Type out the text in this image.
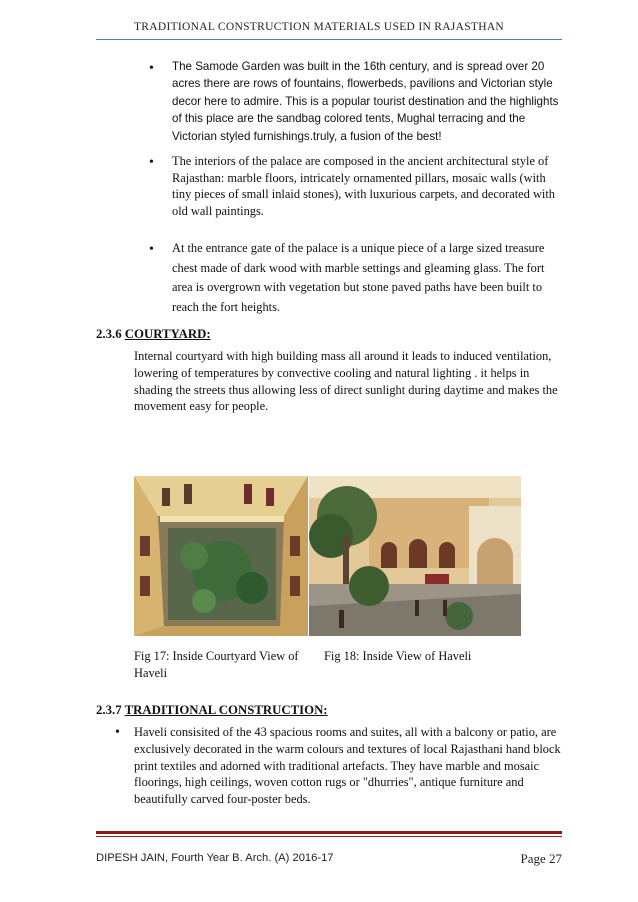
TRADITIONAL CONSTRUCTION MATERIALS USED IN RAJASTHAN
• The Samode Garden was built in the 16th century, and is spread over 20 acres there are rows of fountains, flowerbeds, pavilions and Victorian style decor here to admire. This is a popular tourist destination and the highlights of this place are the sandbag colored tents, Mughal terracing and the Victorian styled furnishings.truly, a fusion of the best!
• The interiors of the palace are composed in the ancient architectural style of Rajasthan: marble floors, intricately ornamented pillars, mosaic walls (with tiny pieces of small inlaid stones), with luxurious carpets, and decorated with old wall paintings.
• At the entrance gate of the palace is a unique piece of a large sized treasure chest made of dark wood with marble settings and gleaming glass. The fort area is overgrown with vegetation but stone paved paths have been built to reach the fort heights.
2.3.6 COURTYARD:
Internal courtyard with high building mass all around it leads to induced ventilation, lowering of temperatures by convective cooling and natural lighting . it helps in shading the streets thus allowing less of direct sunlight during daytime and makes the movement easy for people.
Fig 17: Inside Courtyard View of Haveli
Fig 18: Inside View of Haveli
2.3.7 TRADITIONAL CONSTRUCTION:
• Haveli consisited of the 43 spacious rooms and suites, all with a balcony or patio, are exclusively decorated in the warm colours and textures of local Rajasthani hand block print textiles and adorned with traditional artefacts. They have marble and mosaic floorings, high ceilings, woven cotton rugs or "dhurries", antique furniture and beautifully carved four-poster beds.
DIPESH JAIN, Fourth Year B. Arch. (A) 2016-17	Page 27
